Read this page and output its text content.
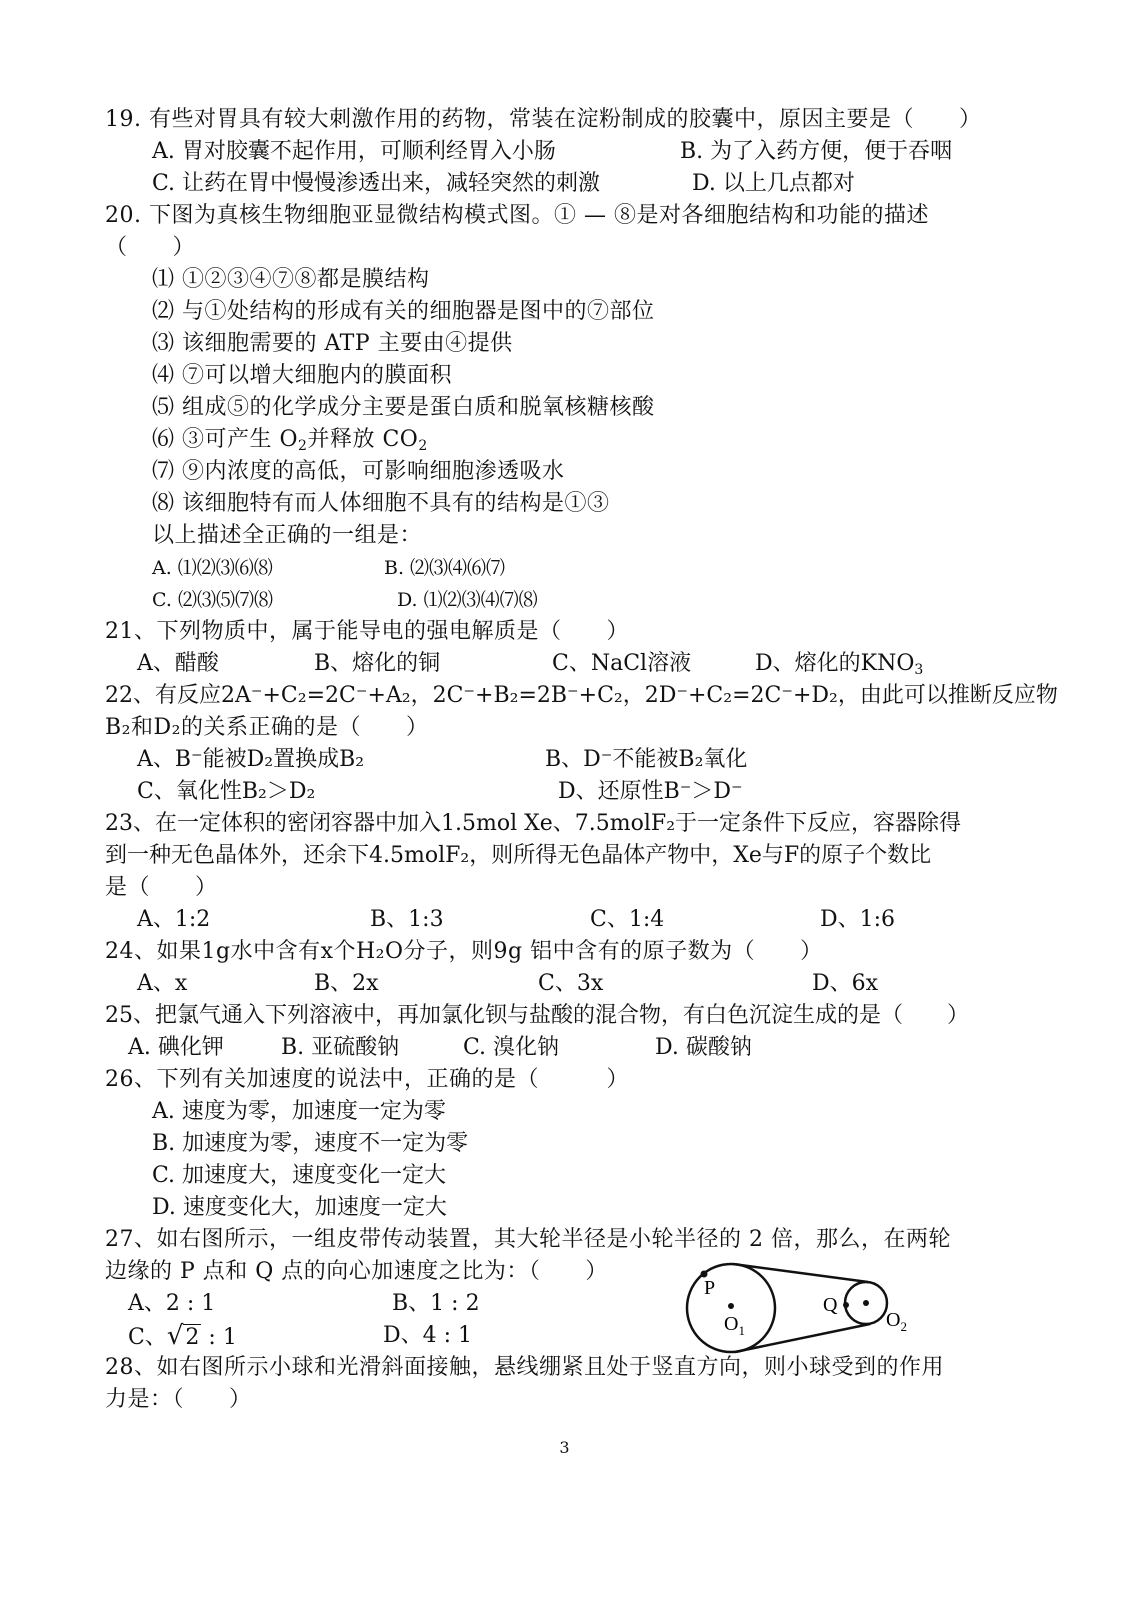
19. 有些对胃具有较大刺激作用的药物，常装在淀粉制成的胶囊中，原因主要是（　　）
A. 胃对胶囊不起作用，可顺利经胃入小肠	B. 为了入药方便，便于吞咽
C. 让药在胃中慢慢渗透出来，减轻突然的刺激	D. 以上几点都对
20. 下图为真核生物细胞亚显微结构模式图。① — ⑧是对各细胞结构和功能的描述
（　　）
⑴ ①②③④⑦⑧都是膜结构
⑵ 与①处结构的形成有关的细胞器是图中的⑦部位
⑶ 该细胞需要的 ATP 主要由④提供
⑷ ⑦可以增大细胞内的膜面积
⑸ 组成⑤的化学成分主要是蛋白质和脱氧核糖核酸
⑹ ③可产生 $O_2$并释放 $CO_2$
⑺ ⑨内浓度的高低，可影响细胞渗透吸水
⑻ 该细胞特有而人体细胞不具有的结构是①③
以上描述全正确的一组是：
A. ⑴⑵⑶⑹⑻	B. ⑵⑶⑷⑹⑺
C. ⑵⑶⑸⑺⑻	D. ⑴⑵⑶⑷⑺⑻
21、下列物质中，属于能导电的强电解质是（　　）
A、醋酸	B、熔化的铜	C、NaCl溶液	D、熔化的$KNO_3$
22、有反应2A⁻+C₂=2C⁻+A₂，2C⁻+B₂=2B⁻+C₂，2D⁻+C₂=2C⁻+D₂，由此可以推断反应物
B₂和D₂的关系正确的是（　　）
A、B⁻能被D₂置换成B₂	B、D⁻不能被B₂氧化
C、氧化性B₂＞D₂	D、还原性B⁻＞D⁻
23、在一定体积的密闭容器中加入1.5mol Xe、7.5molF₂于一定条件下反应，容器除得
到一种无色晶体外，还余下4.5molF₂，则所得无色晶体产物中，Xe与F的原子个数比
是（　　）
A、1:2	B、1:3	C、1:4	D、1:6
24、如果1g水中含有x个H₂O分子，则9g 铝中含有的原子数为（　　）
A、x	B、2x	C、3x	D、6x
25、把氯气通入下列溶液中，再加氯化钡与盐酸的混合物，有白色沉淀生成的是（　　）
A. 碘化钾	B. 亚硫酸钠	C. 溴化钠	D. 碳酸钠
26、下列有关加速度的说法中，正确的是（　　　）
A. 速度为零，加速度一定为零
B. 加速度为零，速度不一定为零
C. 加速度大，速度变化一定大
D. 速度变化大，加速度一定大
27、如右图所示，一组皮带传动装置，其大轮半径是小轮半径的 2 倍，那么，在两轮
边缘的 P 点和 Q 点的向心加速度之比为：（　　）
A、2 : 1	B、1 : 2
C、√2 : 1	D、4 : 1
P
Q
$O_1$	$O_2$
28、如右图所示小球和光滑斜面接触，悬线绷紧且处于竖直方向，则小球受到的作用
力是：（　　）
3
